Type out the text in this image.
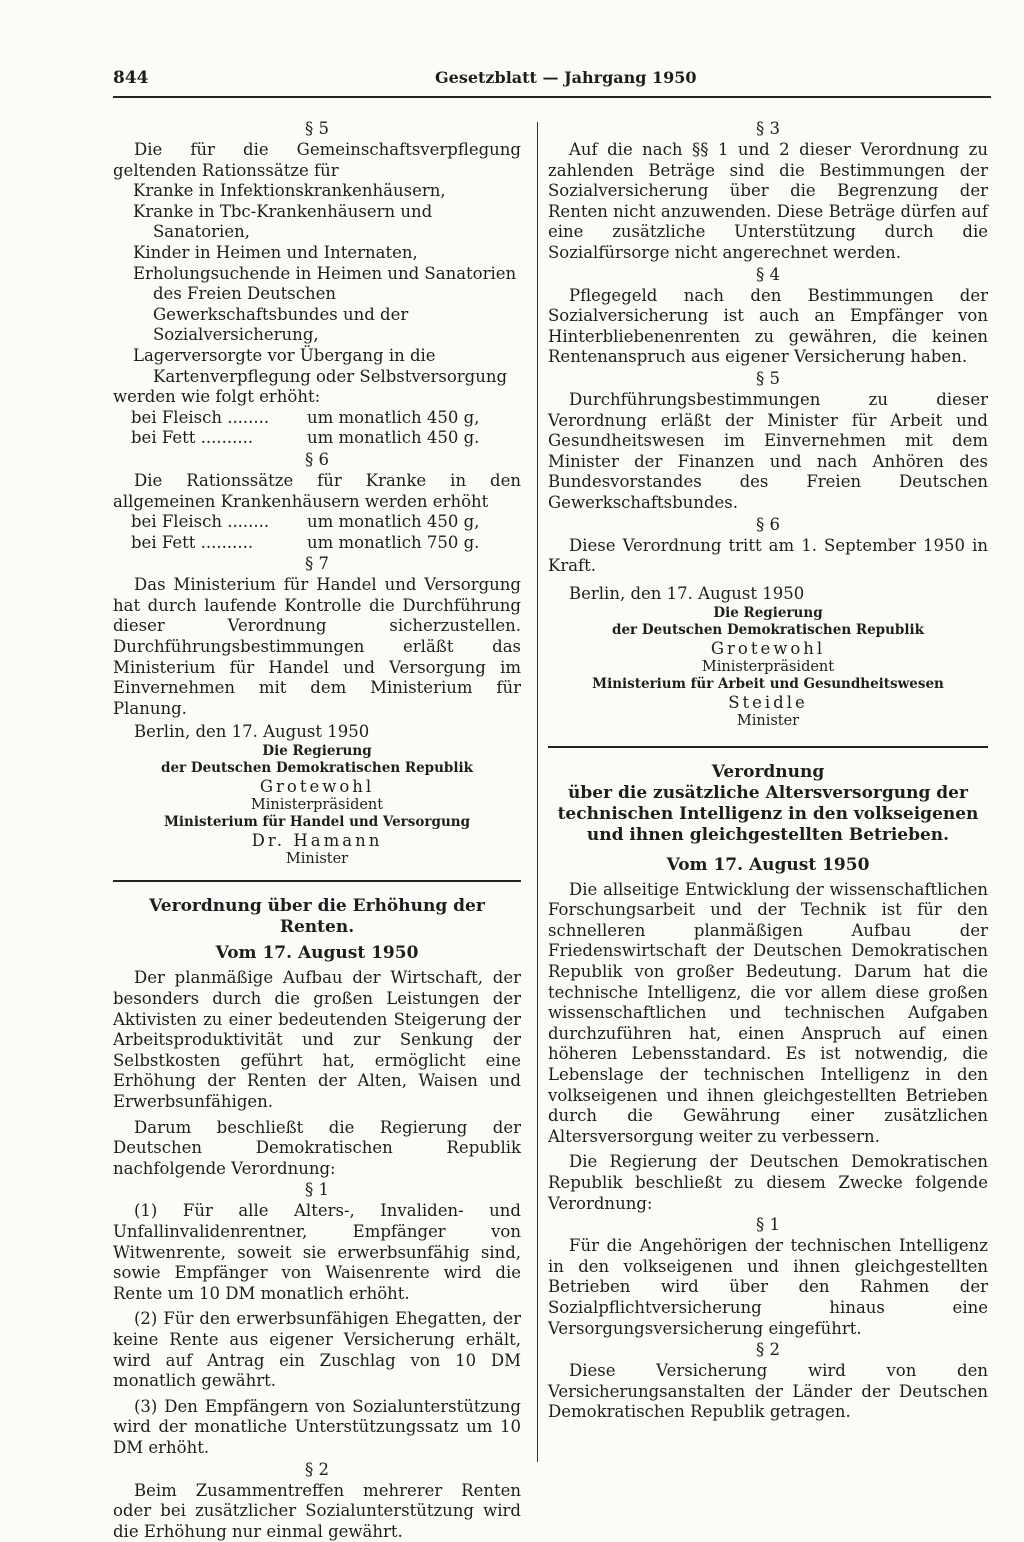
844	Gesetzblatt — Jahrgang 1950
§ 5

Die für die Gemeinschaftsverpflegung geltenden Rationssätze für

Kranke in Infektionskrankenhäusern,
Kranke in Tbc-Krankenhäusern und Sanatorien,
Kinder in Heimen und Internaten,
Erholungsuchende in Heimen und Sanatorien des Freien Deutschen Gewerkschaftsbundes und der Sozialversicherung,
Lagerversorgte vor Übergang in die Kartenverpflegung oder Selbstversorgung

werden wie folgt erhöht:

bei Fleisch ........	um monatlich 450 g,
bei Fett ..........	um monatlich 450 g.
§ 6

Die Rationssätze für Kranke in den allgemeinen Krankenhäusern werden erhöht

bei Fleisch ........	um monatlich 450 g,
bei Fett ..........	um monatlich 750 g.
§ 7

Das Ministerium für Handel und Versorgung hat durch laufende Kontrolle die Durchführung dieser Verordnung sicherzustellen. Durchführungsbestimmungen erläßt das Ministerium für Handel und Versorgung im Einvernehmen mit dem Ministerium für Planung.

Berlin, den 17. August 1950
Die Regierung
der Deutschen Demokratischen Republik
Grotewohl
Ministerpräsident
Ministerium für Handel und Versorgung
Dr. Hamann
Minister
Verordnung über die Erhöhung der Renten.
Vom 17. August 1950

Der planmäßige Aufbau der Wirtschaft, der besonders durch die großen Leistungen der Aktivisten zu einer bedeutenden Steigerung der Arbeitsproduktivität und zur Senkung der Selbstkosten geführt hat, ermöglicht eine Erhöhung der Renten der Alten, Waisen und Erwerbsunfähigen.

Darum beschließt die Regierung der Deutschen Demokratischen Republik nachfolgende Verordnung:

§ 1

(1) Für alle Alters-, Invaliden- und Unfallinvalidenrentner, Empfänger von Witwenrente, soweit sie erwerbsunfähig sind, sowie Empfänger von Waisenrente wird die Rente um 10 DM monatlich erhöht.

(2) Für den erwerbsunfähigen Ehegatten, der keine Rente aus eigener Versicherung erhält, wird auf Antrag ein Zuschlag von 10 DM monatlich gewährt.

(3) Den Empfängern von Sozialunterstützung wird der monatliche Unterstützungssatz um 10 DM erhöht.

§ 2

Beim Zusammentreffen mehrerer Renten oder bei zusätzlicher Sozialunterstützung wird die Erhöhung nur einmal gewährt.

§ 3

Auf die nach §§ 1 und 2 dieser Verordnung zu zahlenden Beträge sind die Bestimmungen der Sozialversicherung über die Begrenzung der Renten nicht anzuwenden. Diese Beträge dürfen auf eine zusätzliche Unterstützung durch die Sozialfürsorge nicht angerechnet werden.

§ 4

Pflegegeld nach den Bestimmungen der Sozialversicherung ist auch an Empfänger von Hinterbliebenenrenten zu gewähren, die keinen Rentenanspruch aus eigener Versicherung haben.

§ 5

Durchführungsbestimmungen zu dieser Verordnung erläßt der Minister für Arbeit und Gesundheitswesen im Einvernehmen mit dem Minister der Finanzen und nach Anhören des Bundesvorstandes des Freien Deutschen Gewerkschaftsbundes.

§ 6

Diese Verordnung tritt am 1. September 1950 in Kraft.

Berlin, den 17. August 1950
Die Regierung
der Deutschen Demokratischen Republik
Grotewohl
Ministerpräsident
Ministerium für Arbeit und Gesundheitswesen
Steidle
Minister
Verordnung
über die zusätzliche Altersversorgung der
technischen Intelligenz in den volkseigenen
und ihnen gleichgestellten Betrieben.
Vom 17. August 1950

Die allseitige Entwicklung der wissenschaftlichen Forschungsarbeit und der Technik ist für den schnelleren planmäßigen Aufbau der Friedenswirtschaft der Deutschen Demokratischen Republik von großer Bedeutung. Darum hat die technische Intelligenz, die vor allem diese großen wissenschaftlichen und technischen Aufgaben durchzuführen hat, einen Anspruch auf einen höheren Lebensstandard. Es ist notwendig, die Lebenslage der technischen Intelligenz in den volkseigenen und ihnen gleichgestellten Betrieben durch die Gewährung einer zusätzlichen Altersversorgung weiter zu verbessern.

Die Regierung der Deutschen Demokratischen Republik beschließt zu diesem Zwecke folgende Verordnung:

§ 1

Für die Angehörigen der technischen Intelligenz in den volkseigenen und ihnen gleichgestellten Betrieben wird über den Rahmen der Sozialpflichtversicherung hinaus eine Versorgungsversicherung eingeführt.

§ 2

Diese Versicherung wird von den Versicherungsanstalten der Länder der Deutschen Demokratischen Republik getragen.
